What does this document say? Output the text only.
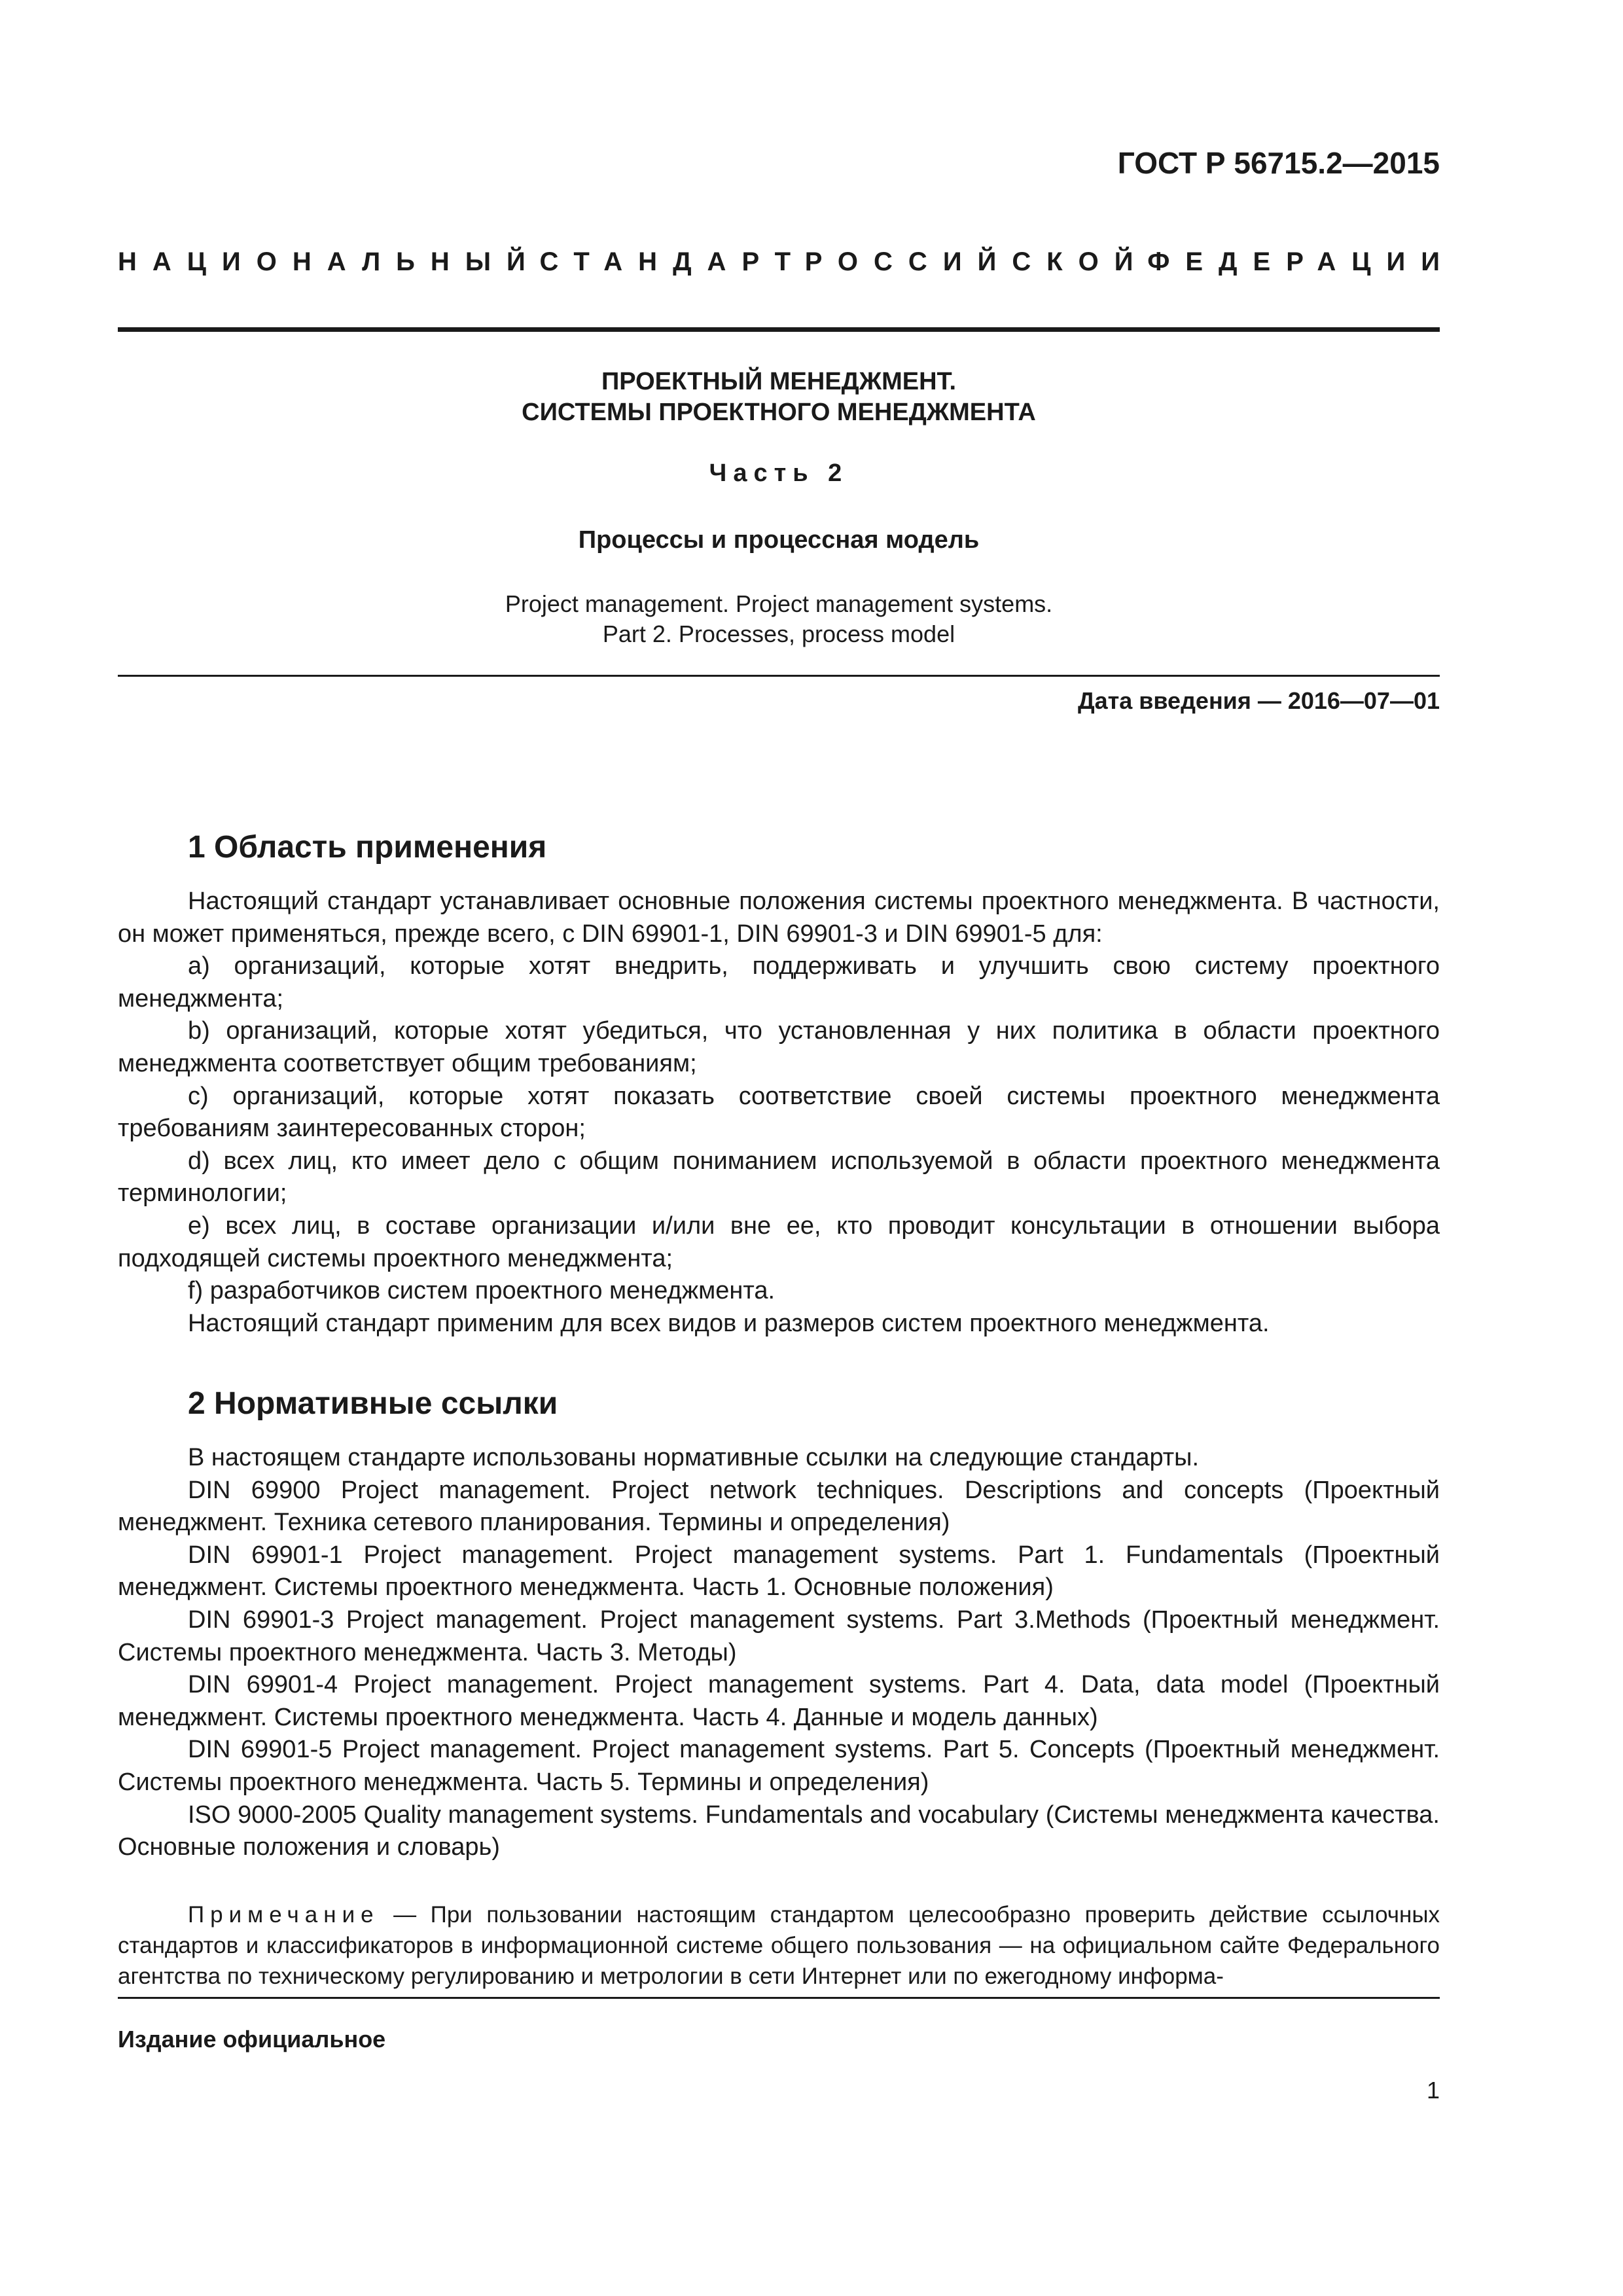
ГОСТ Р 56715.2—2015
НАЦИОНАЛЬНЫЙ
СТАНДАРТ
РОССИЙСКОЙ
ФЕДЕРАЦИИ
ПРОЕКТНЫЙ МЕНЕДЖМЕНТ.
СИСТЕМЫ ПРОЕКТНОГО МЕНЕДЖМЕНТА
Часть 2
Процессы и процессная модель
Project management. Project management systems.
Part 2. Processes, process model
Дата введения — 2016—07—01
1 Область применения

Настоящий стандарт устанавливает основные положения системы проектного менеджмента. В частности, он может применяться, прежде всего, с DIN 69901-1, DIN 69901-3 и DIN 69901-5 для:

a) организаций, которые хотят внедрить, поддерживать и улучшить свою систему проектного менеджмента;

b) организаций, которые хотят убедиться, что установленная у них политика в области проектного менеджмента соответствует общим требованиям;

c) организаций, которые хотят показать соответствие своей системы проектного менеджмента требованиям заинтересованных сторон;

d) всех лиц, кто имеет дело с общим пониманием используемой в области проектного менеджмента терминологии;

e) всех лиц, в составе организации и/или вне ее, кто проводит консультации в отношении выбора подходящей системы проектного менеджмента;

f) разработчиков систем проектного менеджмента.

Настоящий стандарт применим для всех видов и размеров систем проектного менеджмента.

2 Нормативные ссылки

В настоящем стандарте использованы нормативные ссылки на следующие стандарты.

DIN 69900 Project management. Project network techniques. Descriptions and concepts (Проектный менеджмент. Техника сетевого планирования. Термины и определения)

DIN 69901-1 Project management. Project management systems. Part 1. Fundamentals (Проектный менеджмент. Системы проектного менеджмента. Часть 1. Основные положения)

DIN 69901-3 Project management. Project management systems. Part 3.Methods (Проектный менеджмент. Системы проектного менеджмента. Часть 3. Методы)

DIN 69901-4 Project management. Project management systems. Part 4. Data, data model (Проектный менеджмент. Системы проектного менеджмента. Часть 4. Данные и модель данных)

DIN 69901-5 Project management. Project management systems. Part 5. Concepts (Проектный менеджмент. Системы проектного менеджмента. Часть 5. Термины и определения)

ISO 9000-2005 Quality management systems. Fundamentals and vocabulary (Системы менеджмента качества. Основные положения и словарь)

Примечание — При пользовании настоящим стандартом целесообразно проверить действие ссылочных стандартов и классификаторов в информационной системе общего пользования — на официальном сайте Федерального агентства по техническому регулированию и метрологии в сети Интернет или по ежегодному информа-

Издание официальное
1
